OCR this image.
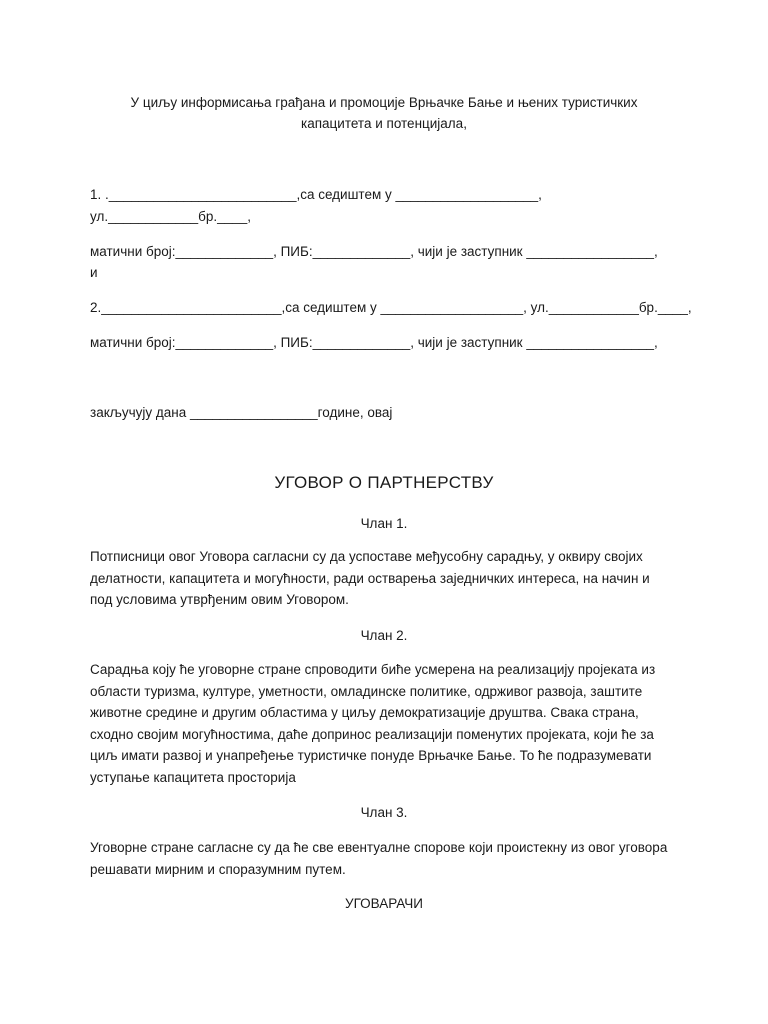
У циљу информисања грађана и промоције Врњачке Бање и њених туристичких
капацитета и потенцијала,
1. ._________________________,са седиштем у ___________________,
ул.____________бр.____,
матични број:_____________, ПИБ:_____________, чији је заступник _________________,
и
2.________________________,са седиштем у ___________________, ул.____________бр.____,
матични број:_____________, ПИБ:_____________, чији је заступник _________________,
закључују дана _________________године, овај
УГОВОР О ПАРТНЕРСТВУ
Члан 1.
Потписници овог Уговора сагласни су да успоставе међусобну сарадњу, у оквиру својих
делатности, капацитета и могућности, ради остварења заједничких интереса, на начин и
под условима утврђеним овим Уговором.
Члан 2.
Сарадња коју ће уговорне стране спроводити биће усмерена на реализацију пројеката из
области туризма, културе, уметности, омладинске политике, одрживог развоја, заштите
животне средине и другим областима у циљу демократизације друштва. Свака страна,
сходно својим могућностима, даће допринос реализацији поменутих пројеката, који ће за
циљ имати развој и унапређење туристичке понуде Врњачке Бање. То ће подразумевати
уступање капацитета просторија
Члан 3.
Уговорне стране сагласне су да ће све евентуалне спорове који проистекну из овог уговора
решавати мирним и споразумним путем.
УГОВАРАЧИ
